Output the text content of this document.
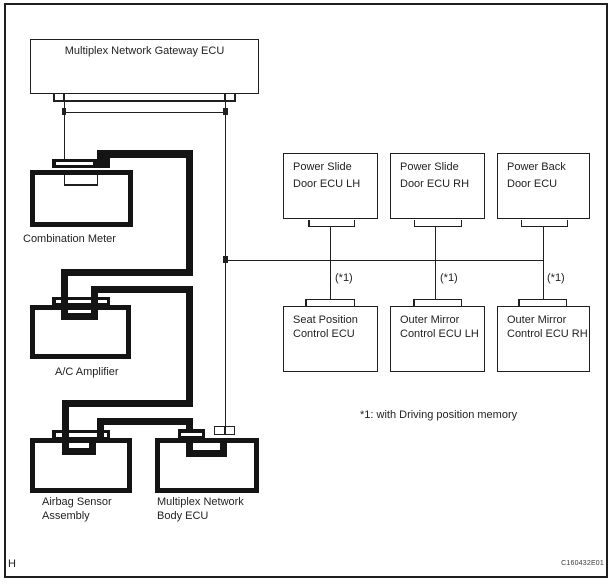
H	C160432E01
Multiplex Network Gateway ECU
Power Slide
Door ECU LH
Power Slide
Door ECU RH
Power Back
Door ECU
Seat Position
Control ECU
Outer Mirror
Control ECU LH
Outer Mirror
Control ECU RH
(*1)	(*1)	(*1)
*1: with Driving position memory
Combination Meter
A/C Amplifier
Airbag Sensor
Assembly
Multiplex Network
Body ECU
